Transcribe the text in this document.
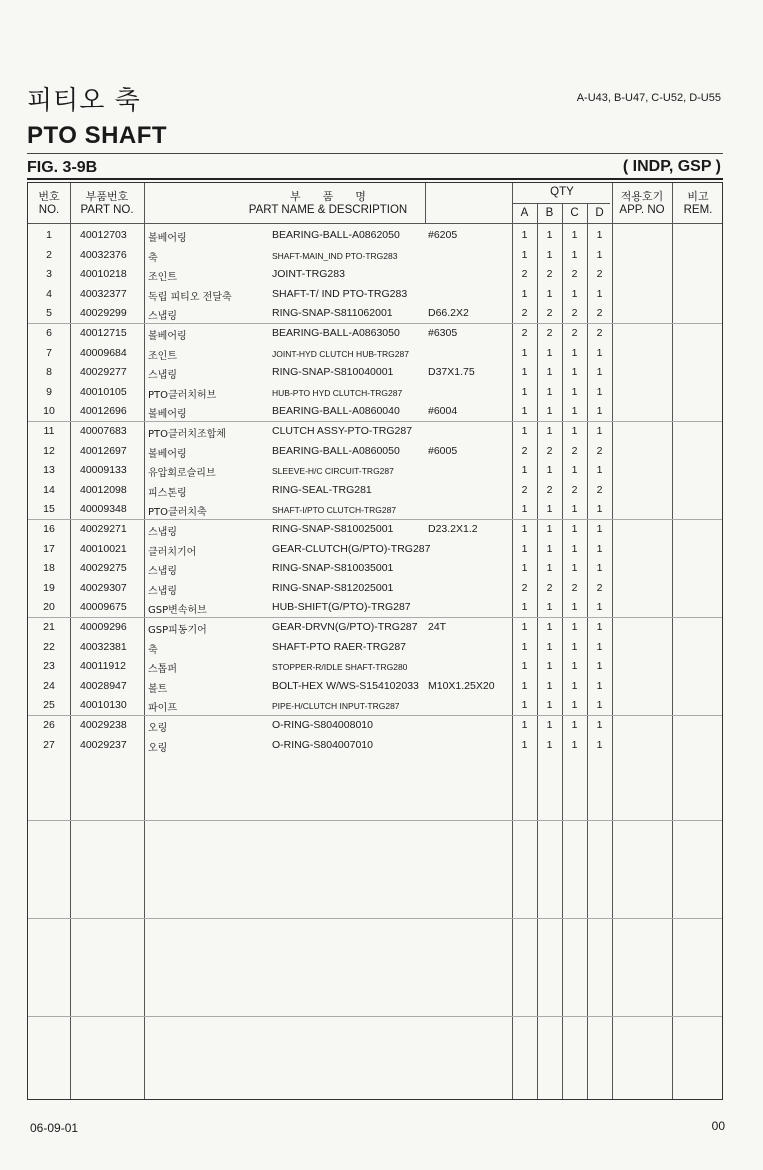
피티오 축
PTO SHAFT
A-U43, B-U47, C-U52, D-U55
FIG. 3-9B	( INDP, GSP )
번호
NO.
부품번호
PART NO.
부　　품　　명
PART NAME & DESCRIPTION
QTY
A	B	C	D
적용호기
APP. NO
비고
REM.
1	40012703 볼베어링	BEARING-BALL-A0862050	#6205	1	1	1	1
2	40032376 축	SHAFT-MAIN_IND PTO-TRG283	1	1	1	1
3	40010218 조인트	JOINT-TRG283	2	2	2	2
4	40032377 독립 피티오 전달축	SHAFT-T/ IND PTO-TRG283	1	1	1	1
5	40029299 스냅링	RING-SNAP-S811062001	D66.2X2	2	2	2	2
6	40012715 볼베어링	BEARING-BALL-A0863050	#6305	2	2	2	2
7	40009684 조인트	JOINT-HYD CLUTCH HUB-TRG287	1	1	1	1
8	40029277 스냅링	RING-SNAP-S810040001	D37X1.75	1	1	1	1
9	40010105 PTO클러치허브	HUB-PTO HYD CLUTCH-TRG287	1	1	1	1
10	40012696 볼베어링	BEARING-BALL-A0860040	#6004	1	1	1	1
11	40007683 PTO클러치조합체	CLUTCH ASSY-PTO-TRG287	1	1	1	1
12	40012697 볼베어링	BEARING-BALL-A0860050	#6005	2	2	2	2
13	40009133 유압회로슬리브	SLEEVE-H/C CIRCUIT-TRG287	1	1	1	1
14	40012098 피스톤링	RING-SEAL-TRG281	2	2	2	2
15	40009348 PTO클러치축	SHAFT-I/PTO CLUTCH-TRG287	1	1	1	1
16	40029271 스냅링	RING-SNAP-S810025001	D23.2X1.2	1	1	1	1
17	40010021 클러치기어	GEAR-CLUTCH(G/PTO)-TRG287	1	1	1	1
18	40029275 스냅링	RING-SNAP-S810035001	1	1	1	1
19	40029307 스냅링	RING-SNAP-S812025001	2	2	2	2
20	40009675 GSP변속허브	HUB-SHIFT(G/PTO)-TRG287	1	1	1	1
21	40009296 GSP피동기어	GEAR-DRVN(G/PTO)-TRG287 24T	1	1	1	1
22	40032381 축	SHAFT-PTO RAER-TRG287	1	1	1	1
23	40011912 스톱퍼	STOPPER-R/IDLE SHAFT-TRG280	1	1	1	1
24	40028947 볼트	BOLT-HEX W/WS-S154102033 M10X1.25X20	1	1	1	1
25	40010130 파이프	PIPE-H/CLUTCH INPUT-TRG287	1	1	1	1
26	40029238 오링	O-RING-S804008010	1	1	1	1
27	40029237 오링	O-RING-S804007010	1	1	1	1
06-09-01	00
